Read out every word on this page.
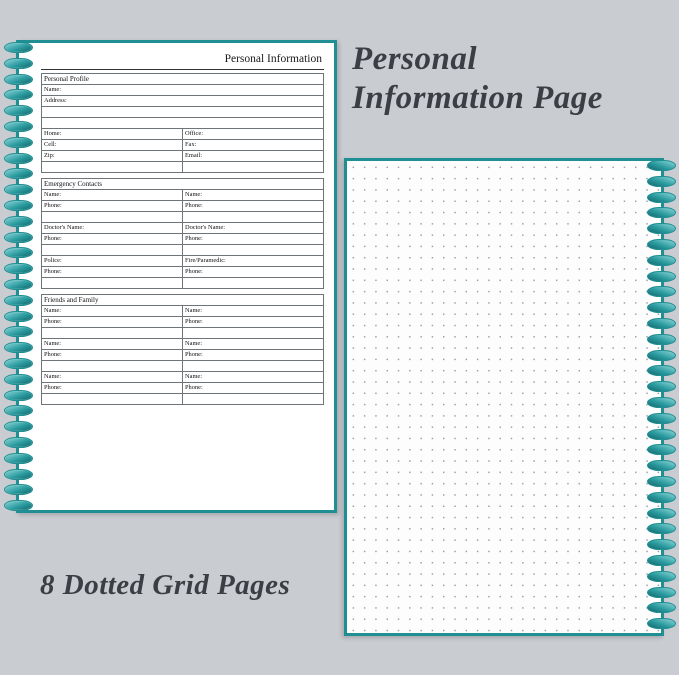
Personal
Information Page
8 Dotted Grid Pages
Personal Information
Personal Profile	
Name:	
Address:	

Home:	Office:
Cell:	Fax:
Zip:	Email:

Emergency Contacts	
Name:	Name:
Phone:	Phone:

Doctor's Name:	Doctor's Name:
Phone:	Phone:

Police:	Fire/Paramedic:
Phone:	Phone:

Friends and Family	
Name:	Name:
Phone:	Phone:

Name:	Name:
Phone:	Phone:

Name:	Name:
Phone:	Phone:
